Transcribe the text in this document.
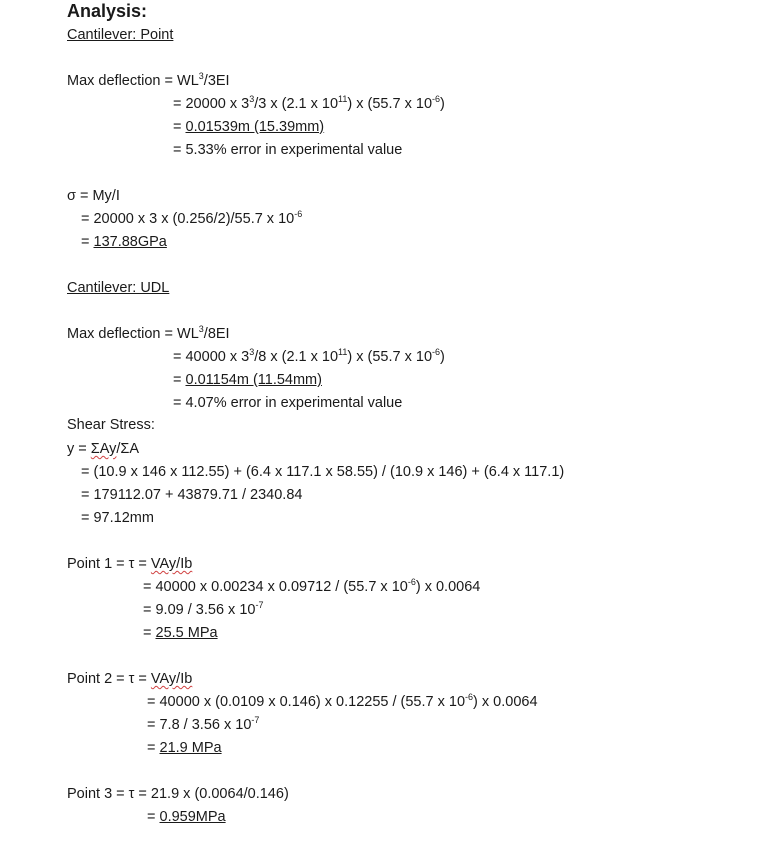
Analysis:
Cantilever: Point
Max deflection = $WL^3/3EI$
= 20000 x $3^3/3$ x (2.1 x $10^{11}$) x (55.7 x $10^{-6}$)
= 0.01539m (15.39mm)
= 5.33% error in experimental value
σ = My/I
= 20000 x 3 x (0.256/2)/55.7 x $10^{-6}$
= 137.88GPa
Cantilever: UDL
Max deflection = $WL^3/8EI$
= 40000 x $3^3/8$ x (2.1 x $10^{11}$) x (55.7 x $10^{-6}$)
= 0.01154m (11.54mm)
= 4.07% error in experimental value
Shear Stress:
y = ΣAy/ΣA
= (10.9 x 146 x 112.55) + (6.4 x 117.1 x 58.55) / (10.9 x 146) + (6.4 x 117.1)
= 179112.07 + 43879.71 / 2340.84
= 97.12mm
Point 1 = τ = VAy/Ib
= 40000 x 0.00234 x 0.09712 / (55.7 x $10^{-6}$) x 0.0064
= 9.09 / 3.56 x $10^{-7}$
= 25.5 MPa
Point 2 = τ = VAy/Ib
= 40000 x (0.0109 x 0.146) x 0.12255 / (55.7 x $10^{-6}$) x 0.0064
= 7.8 / 3.56 x $10^{-7}$
= 21.9 MPa
Point 3 = τ = 21.9 x (0.0064/0.146)
= 0.959MPa
